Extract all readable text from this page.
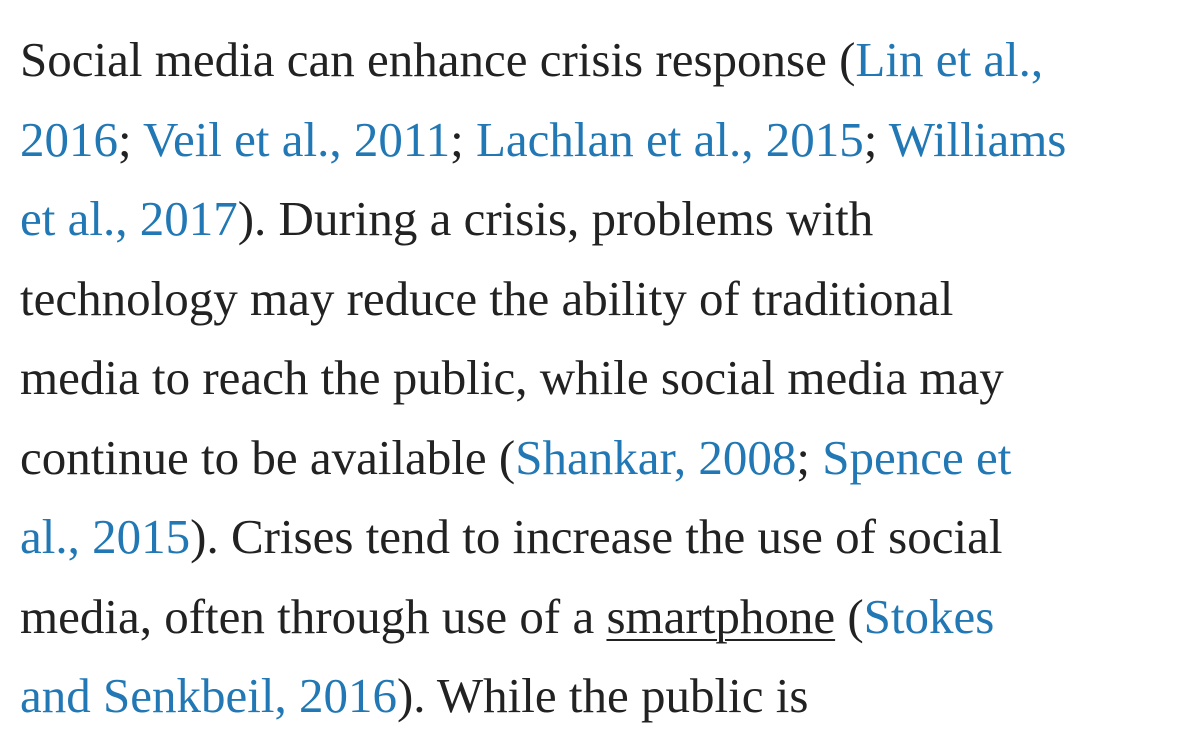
Social media can enhance crisis response (Lin et al.,
2016; Veil et al., 2011; Lachlan et al., 2015; Williams
et al., 2017). During a crisis, problems with
technology may reduce the ability of traditional
media to reach the public, while social media may
continue to be available (Shankar, 2008; Spence et
al., 2015). Crises tend to increase the use of social
media, often through use of a smartphone (Stokes
and Senkbeil, 2016). While the public is
